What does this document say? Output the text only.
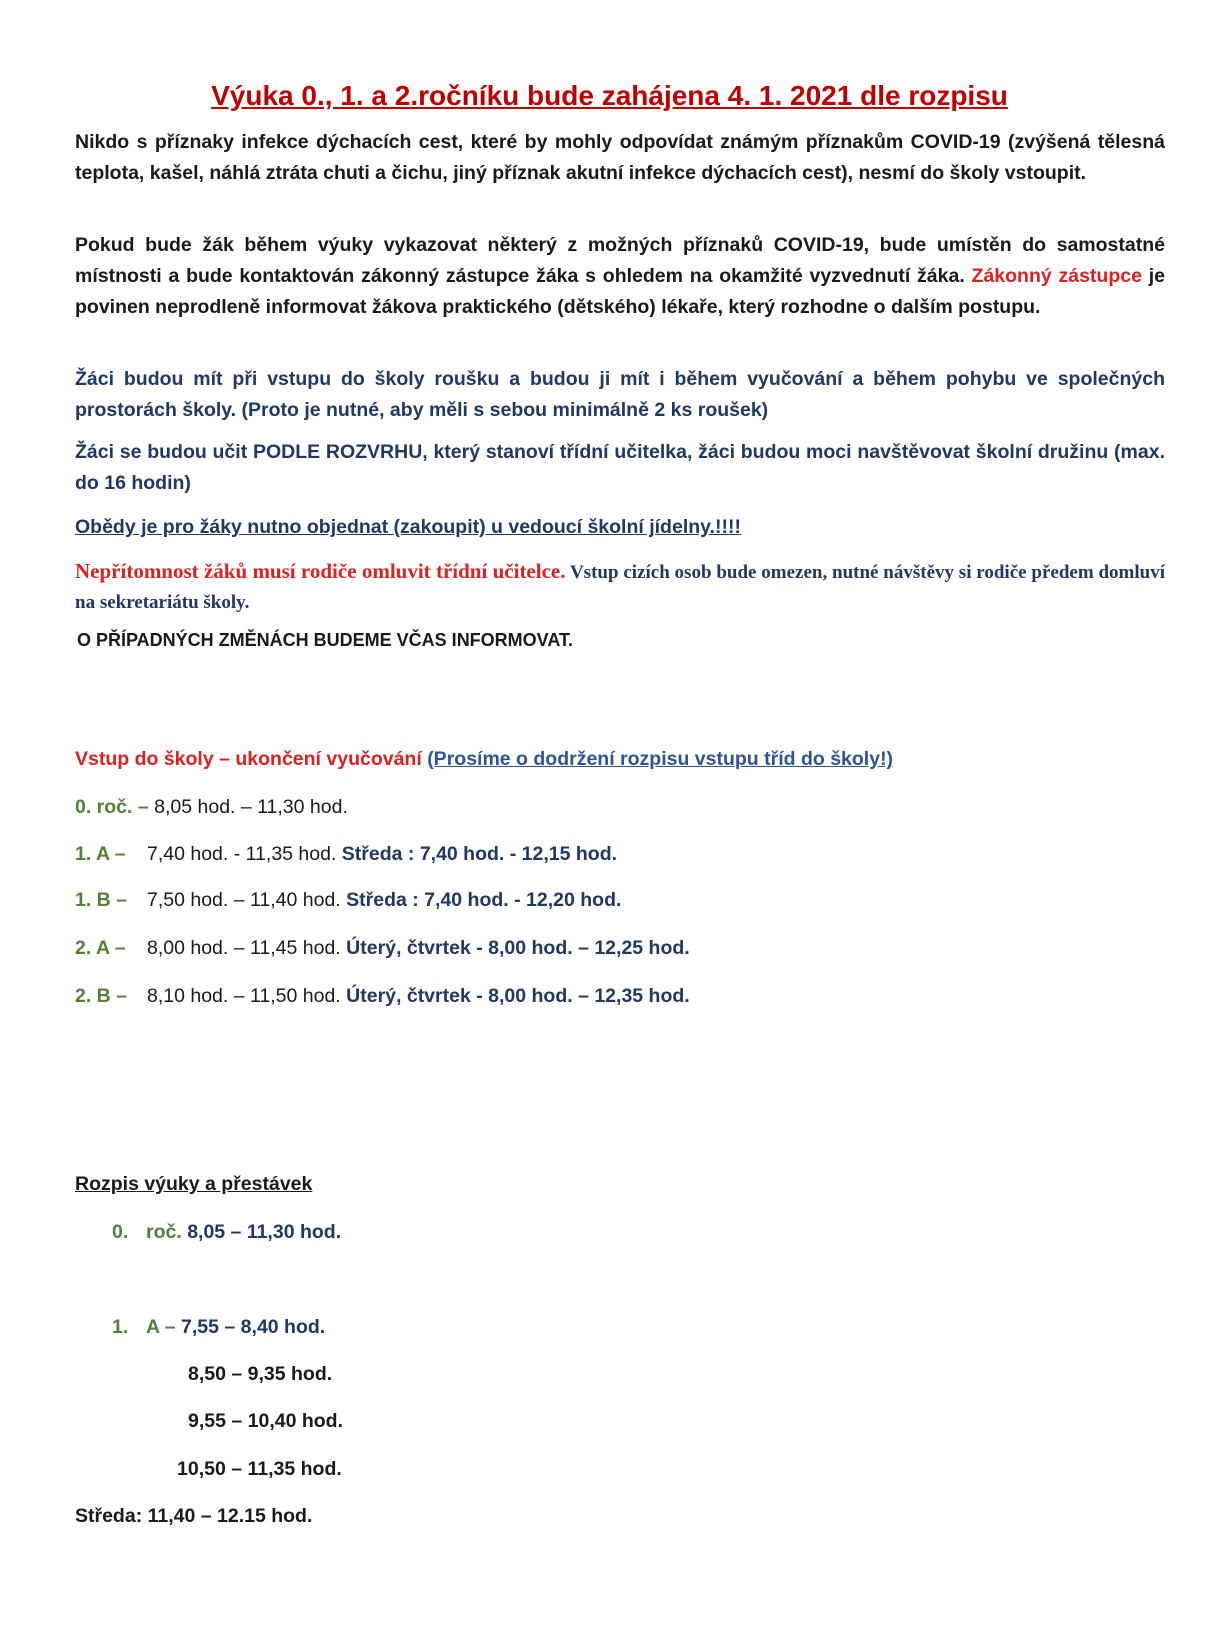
Výuka 0., 1. a 2.ročníku bude zahájena 4. 1. 2021 dle rozpisu
Nikdo s příznaky infekce dýchacích cest, které by mohly odpovídat známým příznakům COVID-19 (zvýšená tělesná teplota, kašel, náhlá ztráta chuti a čichu, jiný příznak akutní infekce dýchacích cest), nesmí do školy vstoupit.
Pokud bude žák během výuky vykazovat některý z možných příznaků COVID-19, bude umístěn do samostatné místnosti a bude kontaktován zákonný zástupce žáka s ohledem na okamžité vyzvednutí žáka. Zákonný zástupce je povinen neprodleně informovat žákova praktického (dětského) lékaře, který rozhodne o dalším postupu.
Žáci budou mít při vstupu do školy roušku a budou ji mít i během vyučování a během pohybu ve společných prostorách školy. (Proto je nutné, aby měli s sebou minimálně 2 ks roušek)
Žáci se budou učit PODLE ROZVRHU, který stanoví třídní učitelka, žáci budou moci navštěvovat školní družinu (max. do 16 hodin)
Obědy je pro žáky nutno objednat (zakoupit) u vedoucí školní jídelny.!!!!
Nepřítomnost žáků musí rodiče omluvit třídní učitelce. Vstup cizích osob bude omezen, nutné návštěvy si rodiče předem domluví na sekretariátu školy.
O PŘÍPADNÝCH ZMĚNÁCH BUDEME VČAS INFORMOVAT.
Vstup do školy – ukončení vyučování (Prosíme o dodržení rozpisu vstupu tříd do školy!)
0. roč. – 8,05 hod. – 11,30 hod.
1. A – 7,40 hod. - 11,35 hod. Středa : 7,40 hod. - 12,15 hod.
1. B – 7,50 hod. – 11,40 hod. Středa : 7,40 hod. - 12,20 hod.
2. A – 8,00 hod. – 11,45 hod. Úterý, čtvrtek - 8,00 hod. – 12,25 hod.
2. B – 8,10 hod. – 11,50 hod. Úterý, čtvrtek - 8,00 hod. – 12,35 hod.
Rozpis výuky a přestávek
0. roč. 8,05 – 11,30 hod.
1. A – 7,55 – 8,40 hod.
8,50 – 9,35 hod.
9,55 – 10,40 hod.
10,50 – 11,35 hod.
Středa: 11,40 – 12.15 hod.
